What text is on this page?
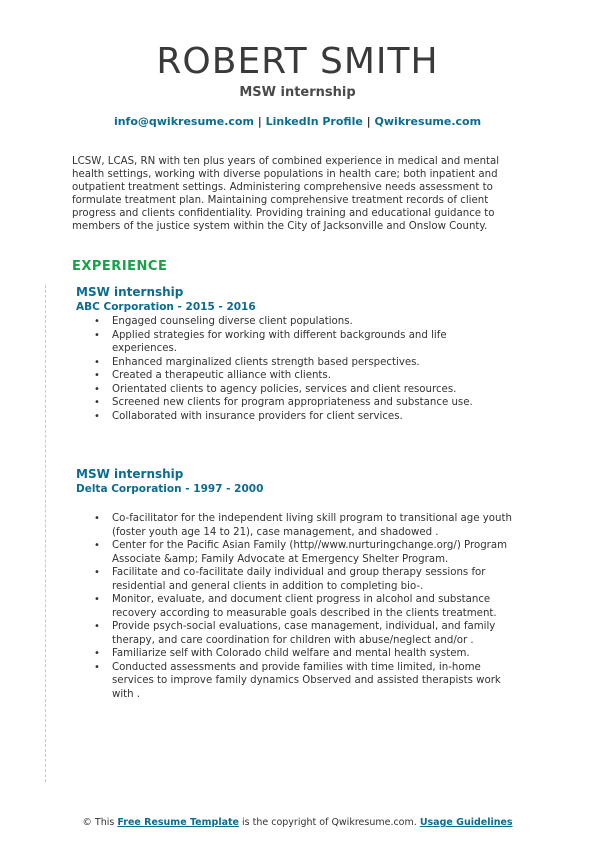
ROBERT SMITH
MSW internship
info@qwikresume.com | LinkedIn Profile | Qwikresume.com
LCSW, LCAS, RN with ten plus years of combined experience in medical and mental health settings, working with diverse populations in health care; both inpatient and outpatient treatment settings. Administering comprehensive needs assessment to formulate treatment plan. Maintaining comprehensive treatment records of client progress and clients confidentiality. Providing training and educational guidance to members of the justice system within the City of Jacksonville and Onslow County.
EXPERIENCE
MSW internship
ABC Corporation - 2015 - 2016
• Engaged counseling diverse client populations.
• Applied strategies for working with different backgrounds and life experiences.
• Enhanced marginalized clients strength based perspectives.
• Created a therapeutic alliance with clients.
• Orientated clients to agency policies, services and client resources.
• Screened new clients for program appropriateness and substance use.
• Collaborated with insurance providers for client services.
MSW internship
Delta Corporation - 1997 - 2000
• Co-facilitator for the independent living skill program to transitional age youth (foster youth age 14 to 21), case management, and shadowed .
• Center for the Pacific Asian Family (http//www.nurturingchange.org/) Program Associate &amp; Family Advocate at Emergency Shelter Program.
• Facilitate and co-facilitate daily individual and group therapy sessions for residential and general clients in addition to completing bio-.
• Monitor, evaluate, and document client progress in alcohol and substance recovery according to measurable goals described in the clients treatment.
• Provide psych-social evaluations, case management, individual, and family therapy, and care coordination for children with abuse/neglect and/or .
• Familiarize self with Colorado child welfare and mental health system.
• Conducted assessments and provide families with time limited, in-home services to improve family dynamics Observed and assisted therapists work with .
© This Free Resume Template is the copyright of Qwikresume.com. Usage Guidelines
